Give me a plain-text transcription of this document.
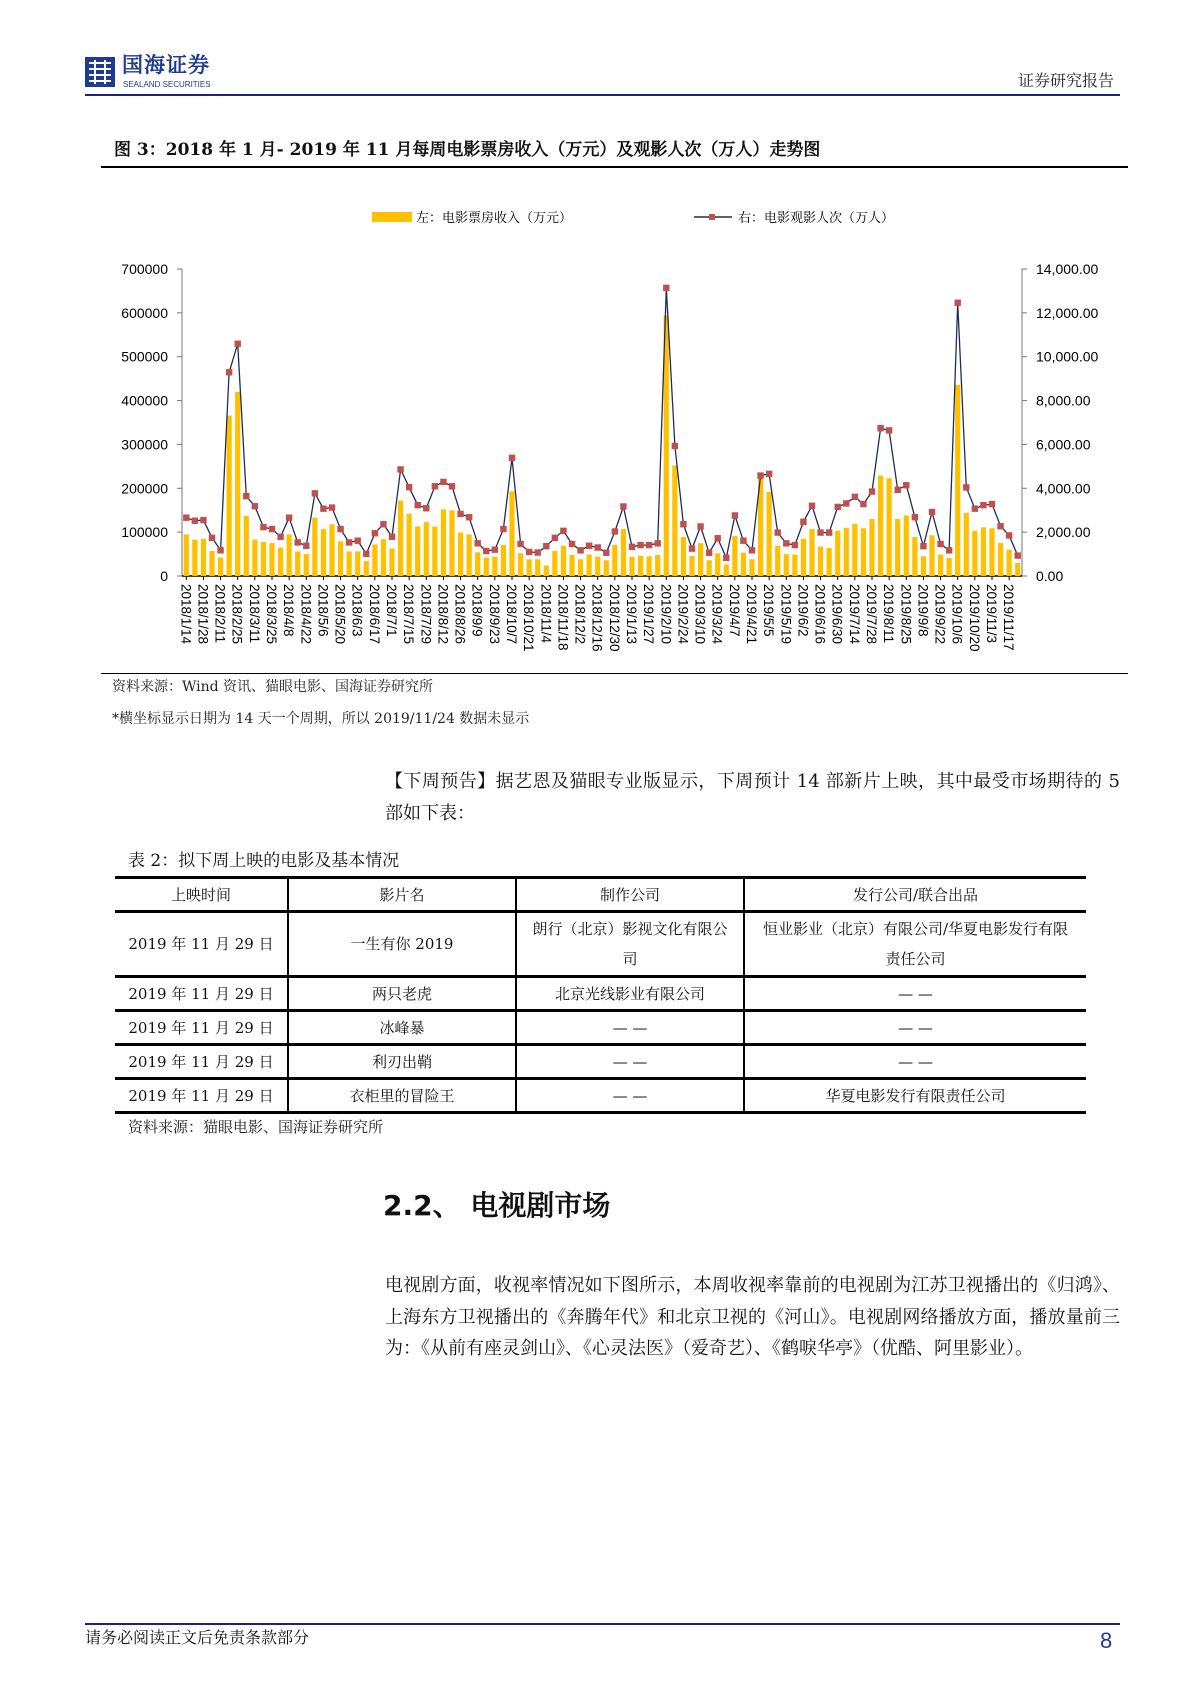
国海证券
SEALAND SECURITIES	证券研究报告
图 3：2018 年 1 月- 2019 年 11 月每周电影票房收入（万元）及观影人次（万人）走势图
左：电影票房收入（万元）	右：电影观影人次（万人）
0
100000
200000
300000
400000
500000
600000
700000
0.00
2,000.00
4,000.00
6,000.00
8,000.00
10,000.00
12,000.00
14,000.00
2018/1/14 2018/1/28 2018/2/11 2018/2/25 2018/3/11 2018/3/25 2018/4/8 2018/4/22 2018/5/6 2018/5/20 2018/6/3 2018/6/17 2018/7/1 2018/7/15 2018/7/29 2018/8/12 2018/8/26 2018/9/9 2018/9/23 2018/10/7 2018/10/21 2018/11/4 2018/11/18 2018/12/2 2018/12/16 2018/12/30 2019/1/13 2019/1/27 2019/2/10 2019/2/24 2019/3/10 2019/3/24 2019/4/7 2019/4/21 2019/5/5 2019/5/19 2019/6/2 2019/6/16 2019/6/30 2019/7/14 2019/7/28 2019/8/11 2019/8/25 2019/9/8 2019/9/22 2019/10/6 2019/10/20 2019/11/3 2019/11/17
资料来源：Wind 资讯、猫眼电影、国海证券研究所
*横坐标显示日期为 14 天一个周期，所以 2019/11/24 数据未显示
【下周预告】据艺恩及猫眼专业版显示，下周预计 14 部新片上映，其中最受市场期待的 5 部如下表：
表 2：拟下周上映的电影及基本情况
上映时间	影片名	制作公司	发行公司/联合出品
2019 年 11 月 29 日	一生有你 2019	朗行（北京）影视文化有限公司	恒业影业（北京）有限公司/华夏电影发行有限责任公司
2019 年 11 月 29 日	两只老虎	北京光线影业有限公司	— —
2019 年 11 月 29 日	冰峰暴	— —	— —
2019 年 11 月 29 日	利刃出鞘	— —	— —
2019 年 11 月 29 日	衣柜里的冒险王	— —	华夏电影发行有限责任公司
资料来源：猫眼电影、国海证券研究所
2.2、 电视剧市场
电视剧方面，收视率情况如下图所示，本周收视率靠前的电视剧为江苏卫视播出的《归鸿》、上海东方卫视播出的《奔腾年代》和北京卫视的《河山》。电视剧网络播放方面，播放量前三为：《从前有座灵剑山》、《心灵法医》（爱奇艺）、《鹤唳华亭》（优酷、阿里影业）。
请务必阅读正文后免责条款部分	8
